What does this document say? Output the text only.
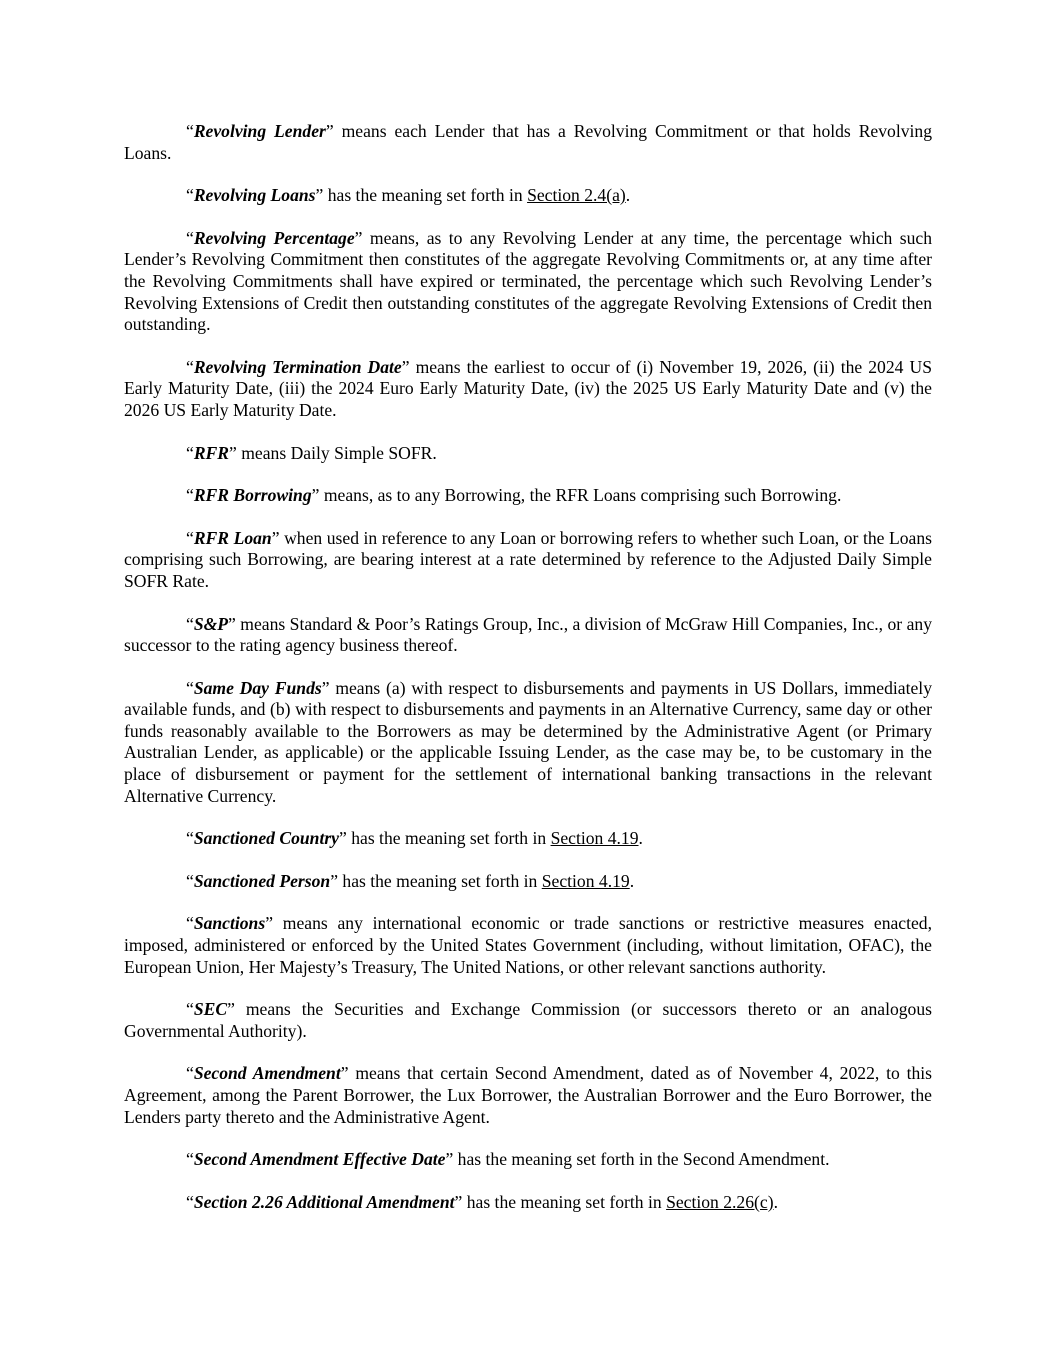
“Revolving Lender” means each Lender that has a Revolving Commitment or that holds Revolving Loans.

“Revolving Loans” has the meaning set forth in Section 2.4(a).

“Revolving Percentage” means, as to any Revolving Lender at any time, the percentage which such Lender’s Revolving Commitment then constitutes of the aggregate Revolving Commitments or, at any time after the Revolving Commitments shall have expired or terminated, the percentage which such Revolving Lender’s Revolving Extensions of Credit then outstanding constitutes of the aggregate Revolving Extensions of Credit then outstanding.

“Revolving Termination Date” means the earliest to occur of (i) November 19, 2026, (ii) the 2024 US Early Maturity Date, (iii) the 2024 Euro Early Maturity Date, (iv) the 2025 US Early Maturity Date and (v) the 2026 US Early Maturity Date.

“RFR” means Daily Simple SOFR.

“RFR Borrowing” means, as to any Borrowing, the RFR Loans comprising such Borrowing.

“RFR Loan” when used in reference to any Loan or borrowing refers to whether such Loan, or the Loans comprising such Borrowing, are bearing interest at a rate determined by reference to the Adjusted Daily Simple SOFR Rate.

“S&P” means Standard & Poor’s Ratings Group, Inc., a division of McGraw Hill Companies, Inc., or any successor to the rating agency business thereof.

“Same Day Funds” means (a) with respect to disbursements and payments in US Dollars, immediately available funds, and (b) with respect to disbursements and payments in an Alternative Currency, same day or other funds reasonably available to the Borrowers as may be determined by the Administrative Agent (or Primary Australian Lender, as applicable) or the applicable Issuing Lender, as the case may be, to be customary in the place of disbursement or payment for the settlement of international banking transactions in the relevant Alternative Currency.

“Sanctioned Country” has the meaning set forth in Section 4.19.

“Sanctioned Person” has the meaning set forth in Section 4.19.

“Sanctions” means any international economic or trade sanctions or restrictive measures enacted, imposed, administered or enforced by the United States Government (including, without limitation, OFAC), the European Union, Her Majesty’s Treasury, The United Nations, or other relevant sanctions authority.

“SEC” means the Securities and Exchange Commission (or successors thereto or an analogous Governmental Authority).

“Second Amendment” means that certain Second Amendment, dated as of November 4, 2022, to this Agreement, among the Parent Borrower, the Lux Borrower, the Australian Borrower and the Euro Borrower, the Lenders party thereto and the Administrative Agent.

“Second Amendment Effective Date” has the meaning set forth in the Second Amendment.

“Section 2.26 Additional Amendment” has the meaning set forth in Section 2.26(c).
